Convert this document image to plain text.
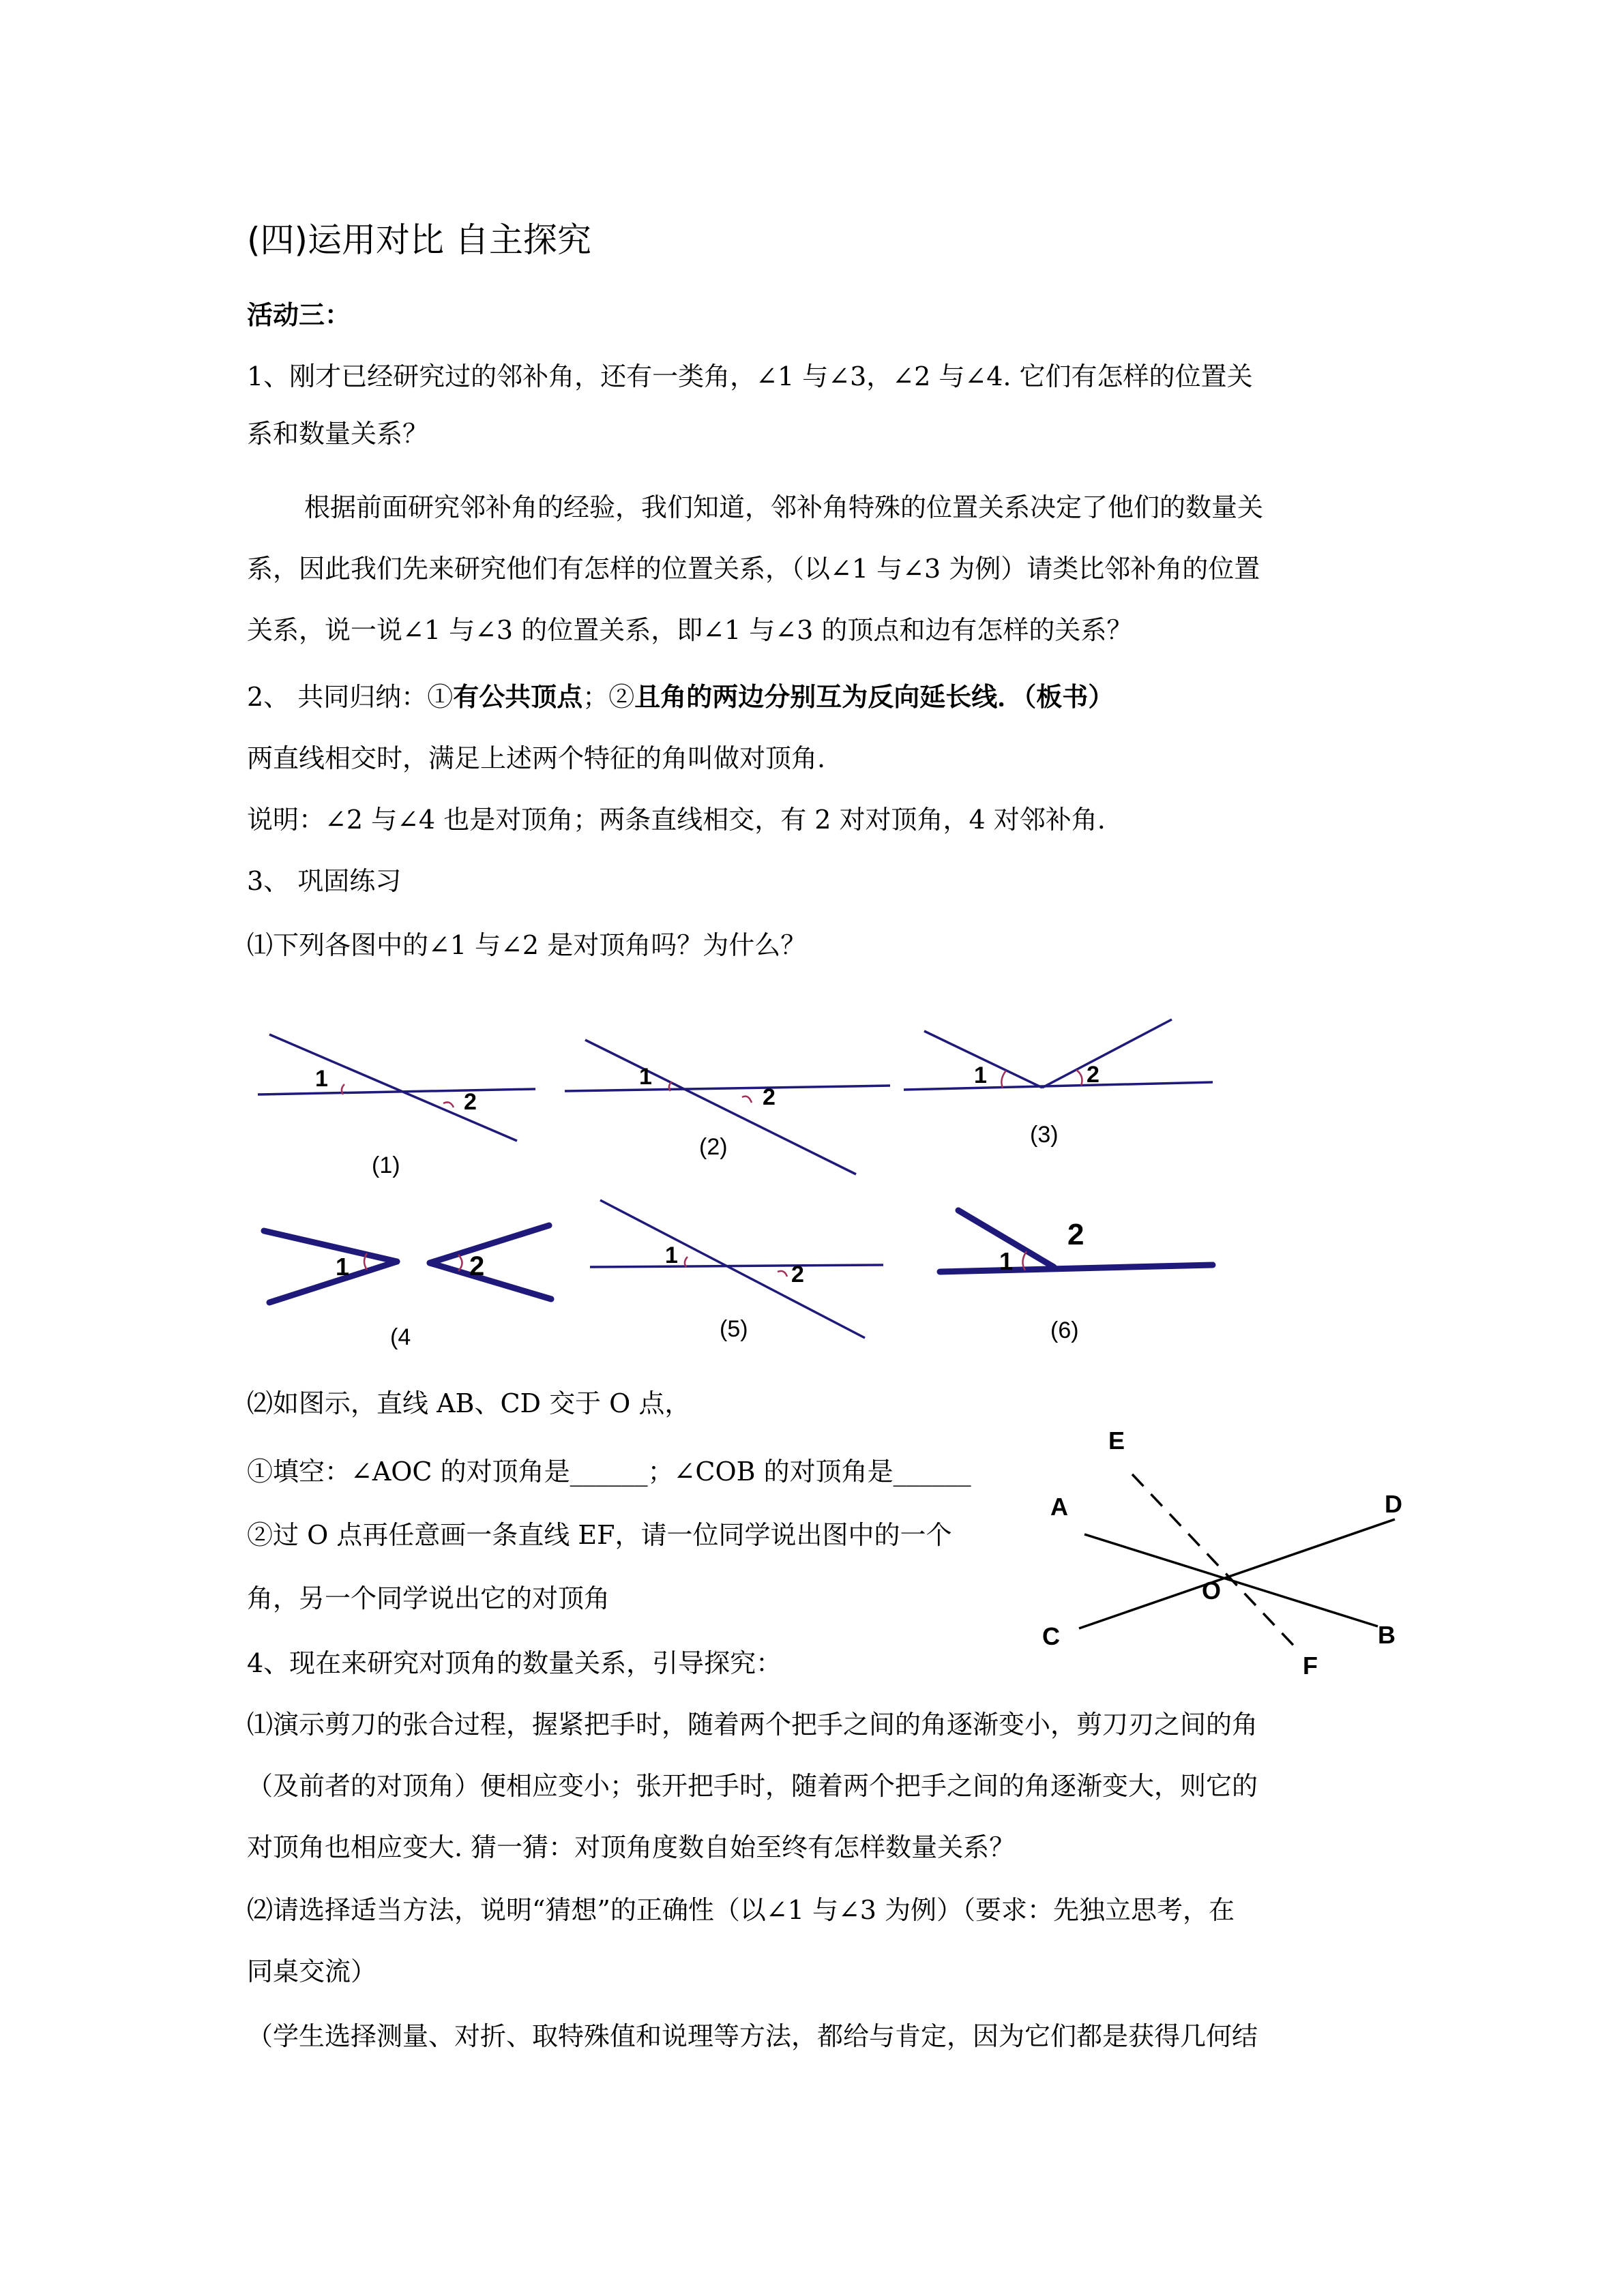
(四)运用对比 自主探究
活动三：
1、刚才已经研究过的邻补角，还有一类角，∠1 与∠3，∠2 与∠4. 它们有怎样的位置关
系和数量关系？
根据前面研究邻补角的经验，我们知道，邻补角特殊的位置关系决定了他们的数量关
系，因此我们先来研究他们有怎样的位置关系，（以∠1 与∠3 为例）请类比邻补角的位置
关系，说一说∠1 与∠3 的位置关系，即∠1 与∠3 的顶点和边有怎样的关系？
2、 共同归纳：①有公共顶点；②且角的两边分别互为反向延长线．（板书）
两直线相交时，满足上述两个特征的角叫做对顶角.
说明：∠2 与∠4 也是对顶角；两条直线相交，有 2 对对顶角，4 对邻补角.
3、 巩固练习
⑴下列各图中的∠1 与∠2 是对顶角吗？为什么？
1
2
1
2
1	2
1	2	1
2	1
2
(1)
(2)	(3)
(4	(5)	(6)
⑵如图示，直线 AB、CD 交于 O 点，
①填空：∠AOC 的对顶角是______；∠COB 的对顶角是______
②过 O 点再任意画一条直线 EF，请一位同学说出图中的一个
角，另一个同学说出它的对顶角
A
B
C
D
E
F
O
4、现在来研究对顶角的数量关系，引导探究：
⑴演示剪刀的张合过程，握紧把手时，随着两个把手之间的角逐渐变小，剪刀刃之间的角
（及前者的对顶角）便相应变小；张开把手时，随着两个把手之间的角逐渐变大，则它的
对顶角也相应变大. 猜一猜：对顶角度数自始至终有怎样数量关系？
⑵请选择适当方法，说明“猜想”的正确性（以∠1 与∠3 为例）（要求：先独立思考，在
同桌交流）
（学生选择测量、对折、取特殊值和说理等方法，都给与肯定，因为它们都是获得几何结
